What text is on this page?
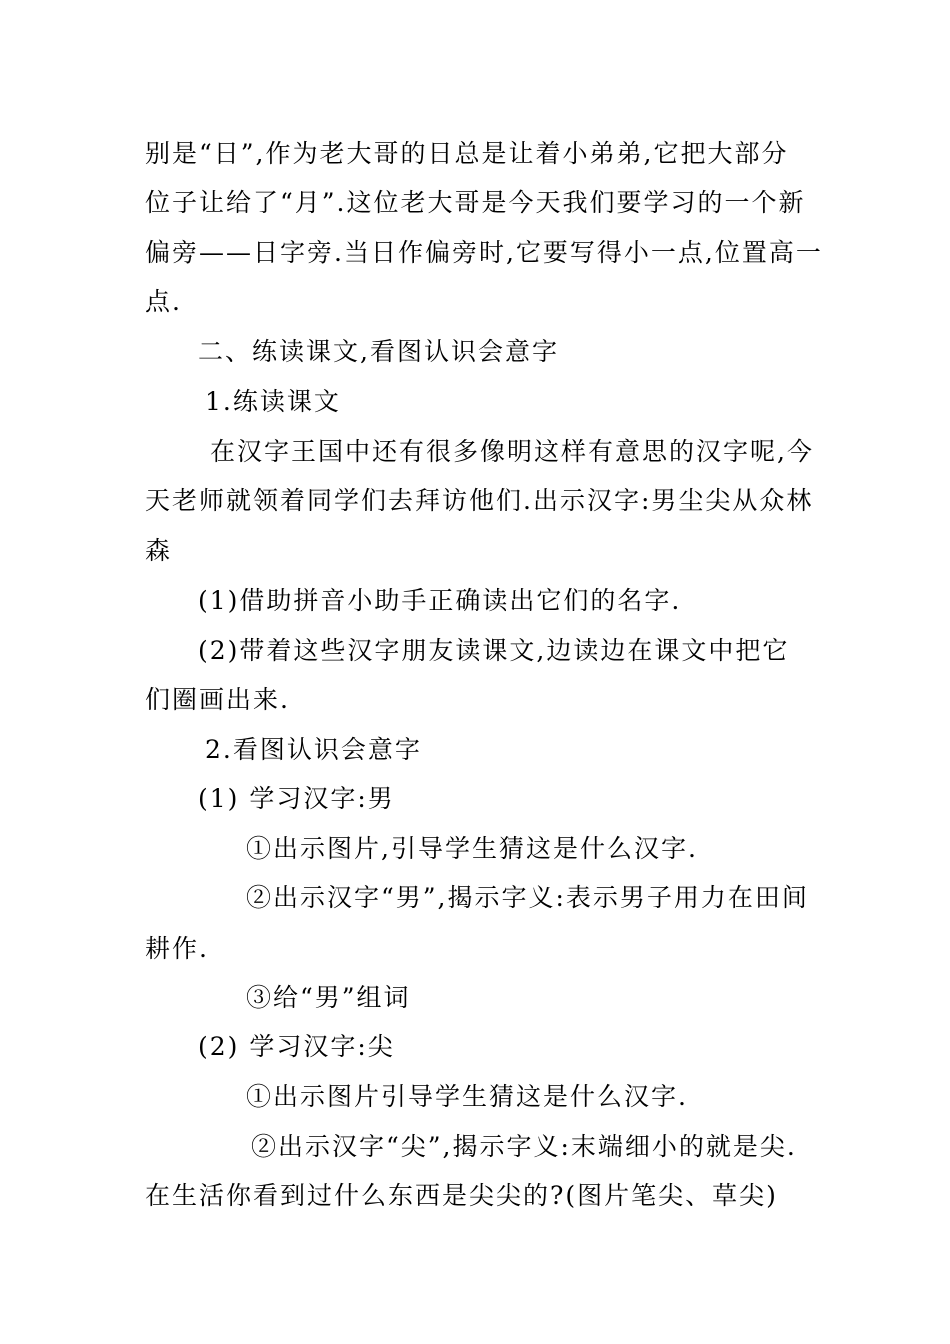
别是“日”,作为老大哥的日总是让着小弟弟,它把大部分
位子让给了“月”.这位老大哥是今天我们要学习的一个新
偏旁——日字旁.当日作偏旁时,它要写得小一点,位置高一
点.
二、练读课文,看图认识会意字
1.练读课文
在汉字王国中还有很多像明这样有意思的汉字呢,今
天老师就领着同学们去拜访他们.出示汉字:男尘尖从众林
森
(1)借助拼音小助手正确读出它们的名字.
(2)带着这些汉字朋友读课文,边读边在课文中把它
们圈画出来.
2.看图认识会意字
(1) 学习汉字:男
①出示图片,引导学生猜这是什么汉字.
②出示汉字“男”,揭示字义:表示男子用力在田间
耕作.
③给“男”组词
(2) 学习汉字:尖
①出示图片引导学生猜这是什么汉字.
②出示汉字“尖”,揭示字义:末端细小的就是尖.
在生活你看到过什么东西是尖尖的?(图片笔尖、草尖)
